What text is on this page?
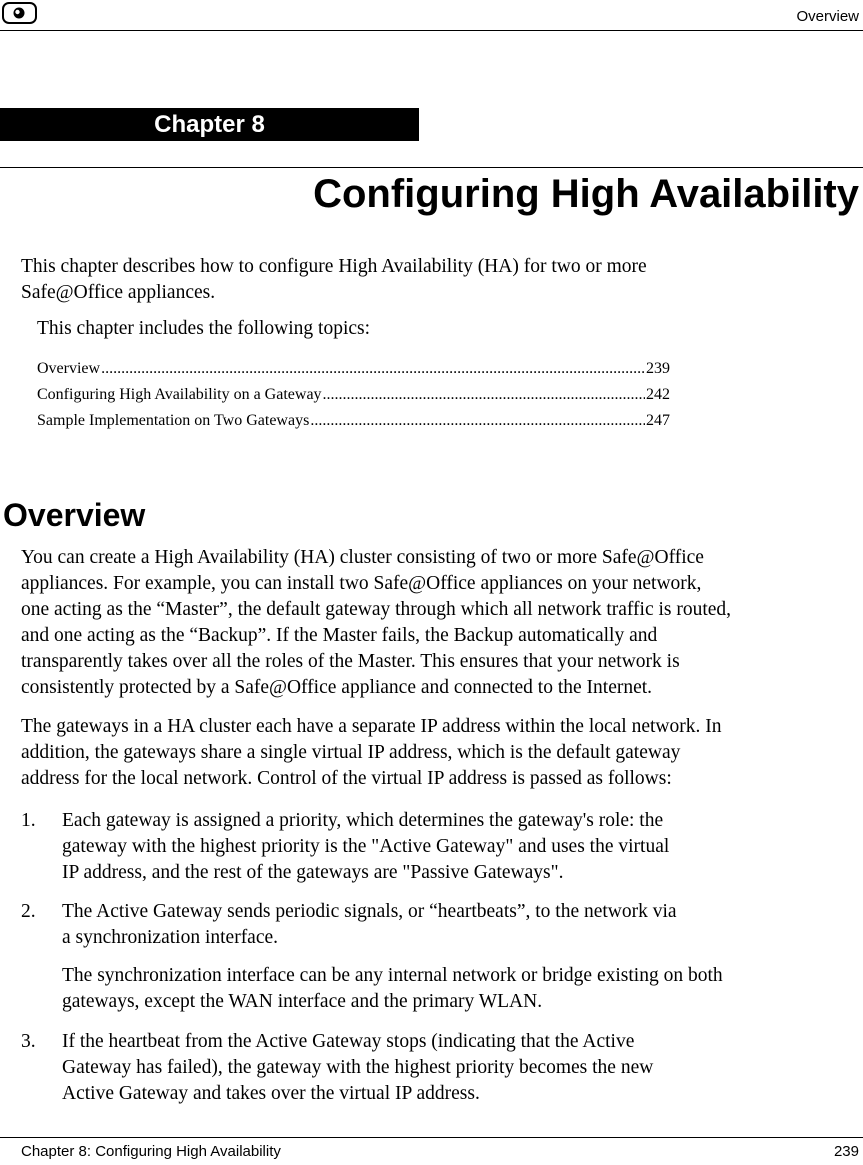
Overview
Chapter 8
Configuring High Availability
This chapter describes how to configure High Availability (HA) for two or more
Safe@Office appliances.
This chapter includes the following topics:
Overview .....	239
Configuring High Availability on a Gateway .....	242
Sample Implementation on Two Gateways .....	247
Overview
You can create a High Availability (HA) cluster consisting of two or more Safe@Office
appliances. For example, you can install two Safe@Office appliances on your network,
one acting as the “Master”, the default gateway through which all network traffic is routed,
and one acting as the “Backup”. If the Master fails, the Backup automatically and
transparently takes over all the roles of the Master. This ensures that your network is
consistently protected by a Safe@Office appliance and connected to the Internet.
The gateways in a HA cluster each have a separate IP address within the local network. In
addition, the gateways share a single virtual IP address, which is the default gateway
address for the local network. Control of the virtual IP address is passed as follows:
1. Each gateway is assigned a priority, which determines the gateway's role: the
gateway with the highest priority is the "Active Gateway" and uses the virtual
IP address, and the rest of the gateways are "Passive Gateways".
2. The Active Gateway sends periodic signals, or “heartbeats”, to the network via
a synchronization interface.
The synchronization interface can be any internal network or bridge existing on both
gateways, except the WAN interface and the primary WLAN.
3. If the heartbeat from the Active Gateway stops (indicating that the Active
Gateway has failed), the gateway with the highest priority becomes the new
Active Gateway and takes over the virtual IP address.
Chapter 8: Configuring High Availability	239
